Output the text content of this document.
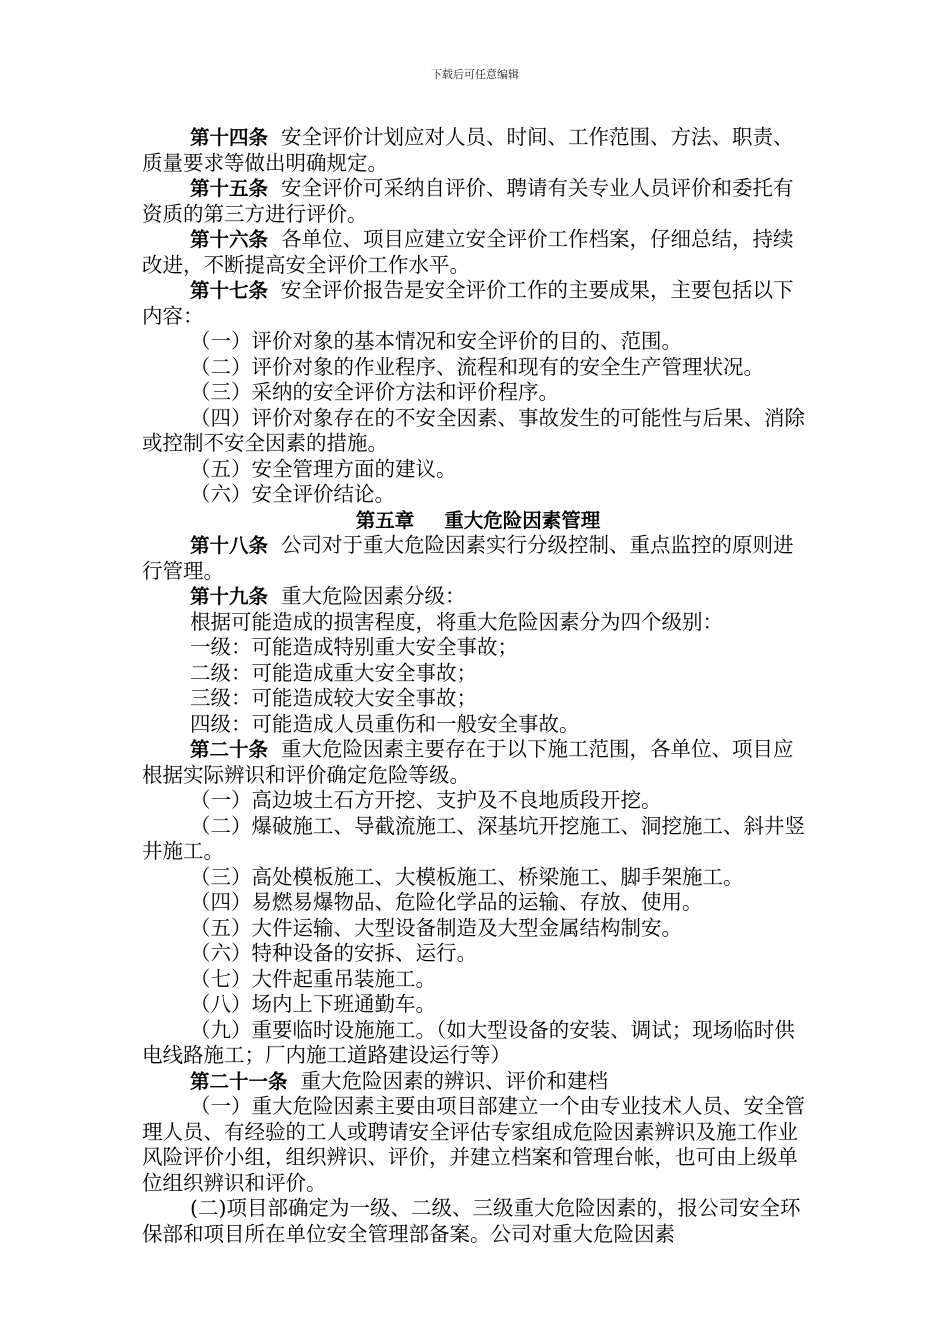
下载后可任意编辑

第十四条  安全评价计划应对人员、时间、工作范围、方法、职责、质量要求等做出明确规定。

第十五条  安全评价可采纳自评价、聘请有关专业人员评价和委托有资质的第三方进行评价。

第十六条  各单位、项目应建立安全评价工作档案，仔细总结，持续改进，不断提高安全评价工作水平。

第十七条  安全评价报告是安全评价工作的主要成果，主要包括以下内容：

（一）评价对象的基本情况和安全评价的目的、范围。

（二）评价对象的作业程序、流程和现有的安全生产管理状况。

（三）采纳的安全评价方法和评价程序。

（四）评价对象存在的不安全因素、事故发生的可能性与后果、消除或控制不安全因素的措施。

（五）安全管理方面的建议。

（六）安全评价结论。

第五章 重大危险因素管理

第十八条  公司对于重大危险因素实行分级控制、重点监控的原则进行管理。

第十九条  重大危险因素分级：

根据可能造成的损害程度，将重大危险因素分为四个级别：

一级：可能造成特别重大安全事故；

二级：可能造成重大安全事故；

三级：可能造成较大安全事故；

四级：可能造成人员重伤和一般安全事故。

第二十条  重大危险因素主要存在于以下施工范围，各单位、项目应根据实际辨识和评价确定危险等级。

（一）高边坡土石方开挖、支护及不良地质段开挖。

（二）爆破施工、导截流施工、深基坑开挖施工、洞挖施工、斜井竖井施工。

（三）高处模板施工、大模板施工、桥梁施工、脚手架施工。

（四）易燃易爆物品、危险化学品的运输、存放、使用。

（五）大件运输、大型设备制造及大型金属结构制安。

（六）特种设备的安拆、运行。

（七）大件起重吊装施工。

（八）场内上下班通勤车。

（九）重要临时设施施工。（如大型设备的安装、调试；现场临时供电线路施工；厂内施工道路建设运行等）

第二十一条  重大危险因素的辨识、评价和建档

（一）重大危险因素主要由项目部建立一个由专业技术人员、安全管理人员、有经验的工人或聘请安全评估专家组成危险因素辨识及施工作业风险评价小组，组织辨识、评价，并建立档案和管理台帐，也可由上级单位组织辨识和评价。

(二)项目部确定为一级、二级、三级重大危险因素的，报公司安全环保部和项目所在单位安全管理部备案。公司对重大危险因素
